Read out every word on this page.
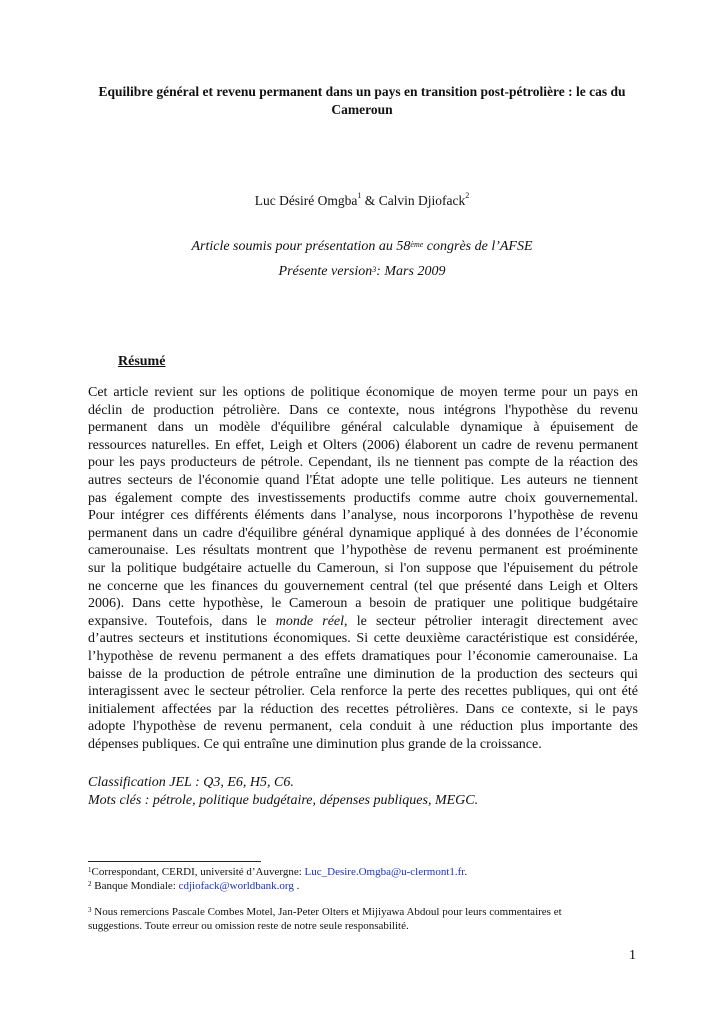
Equilibre général et revenu permanent dans un pays en transition post-pétrolière : le cas du Cameroun
Luc Désiré Omgba$^1$ & Calvin Djiofack$^2$
Article soumis pour présentation au 58ème congrès de l’AFSE
Présente version$^3$: Mars 2009
Résumé
Cet article revient sur les options de politique économique de moyen terme pour un pays en
déclin de production pétrolière. Dans ce contexte, nous intégrons l'hypothèse du revenu
permanent dans un modèle d'équilibre général calculable dynamique à épuisement de
ressources naturelles. En effet, Leigh et Olters (2006) élaborent un cadre de revenu permanent
pour les pays producteurs de pétrole. Cependant, ils ne tiennent pas compte de la réaction des
autres secteurs de l'économie quand l'État adopte une telle politique. Les auteurs ne tiennent
pas également compte des investissements productifs comme autre choix gouvernemental.
Pour intégrer ces différents éléments dans l’analyse, nous incorporons l’hypothèse de revenu
permanent dans un cadre d'équilibre général dynamique appliqué à des données de l’économie
camerounaise. Les résultats montrent que l’hypothèse de revenu permanent est proéminente
sur la politique budgétaire actuelle du Cameroun, si l'on suppose que l'épuisement du pétrole
ne concerne que les finances du gouvernement central (tel que présenté dans Leigh et Olters
2006). Dans cette hypothèse, le Cameroun a besoin de pratiquer une politique budgétaire
expansive. Toutefois, dans le monde réel, le secteur pétrolier interagit directement avec
d’autres secteurs et institutions économiques. Si cette deuxième caractéristique est considérée,
l’hypothèse de revenu permanent a des effets dramatiques pour l’économie camerounaise. La
baisse de la production de pétrole entraîne une diminution de la production des secteurs qui
interagissent avec le secteur pétrolier. Cela renforce la perte des recettes publiques, qui ont été
initialement affectées par la réduction des recettes pétrolières. Dans ce contexte, si le pays
adopte l'hypothèse de revenu permanent, cela conduit à une réduction plus importante des
dépenses publiques. Ce qui entraîne une diminution plus grande de la croissance.
Classification JEL : Q3, E6, H5, C6.
Mots clés : pétrole, politique budgétaire, dépenses publiques, MEGC.
$^1$Correspondant, CERDI, université d’Auvergne: Luc_Desire.Omgba@u-clermont1.fr.
$^2$ Banque Mondiale: cdjiofack@worldbank.org .
$^3$ Nous remercions Pascale Combes Motel, Jan-Peter Olters et Mijiyawa Abdoul pour leurs commentaires et
suggestions. Toute erreur ou omission reste de notre seule responsabilité.
1
